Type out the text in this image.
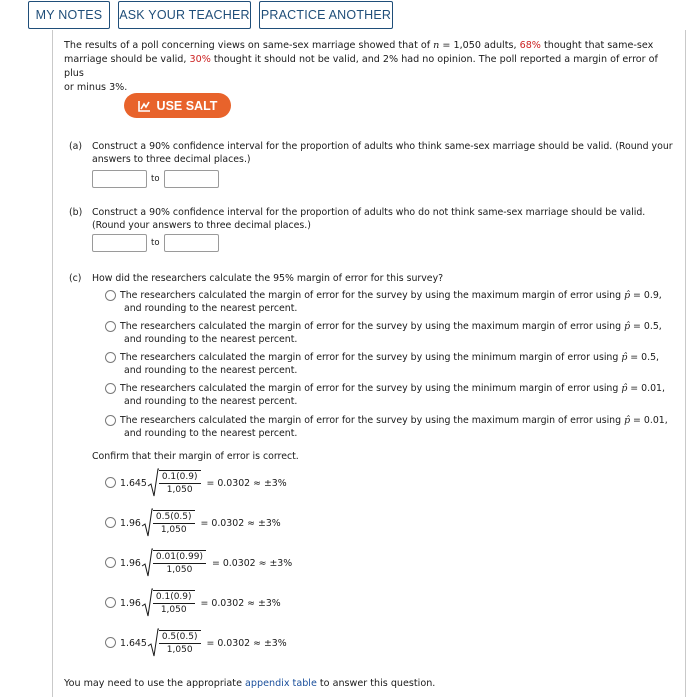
MY NOTES	ASK YOUR TEACHER PRACTICE ANOTHER
The results of a poll concerning views on same-sex marriage showed that of n = 1,050 adults, 68% thought that same-sex
marriage should be valid, 30% thought it should not be valid, and 2% had no opinion. The poll reported a margin of error of plus
or minus 3%.
USE SALT
(a) Construct a 90% confidence interval for the proportion of adults who think same-sex marriage should be valid. (Round your
answers to three decimal places.)
to
(b) Construct a 90% confidence interval for the proportion of adults who do not think same-sex marriage should be valid.
(Round your answers to three decimal places.)
to
(c) How did the researchers calculate the 95% margin of error for this survey?
The researchers calculated the margin of error for the survey by using the maximum margin of error using p̂ = 0.9,
and rounding to the nearest percent.
The researchers calculated the margin of error for the survey by using the maximum margin of error using p̂ = 0.5,
and rounding to the nearest percent.
The researchers calculated the margin of error for the survey by using the minimum margin of error using p̂ = 0.5,
and rounding to the nearest percent.
The researchers calculated the margin of error for the survey by using the minimum margin of error using p̂ = 0.01,
and rounding to the nearest percent.
The researchers calculated the margin of error for the survey by using the maximum margin of error using p̂ = 0.01,
and rounding to the nearest percent.
Confirm that their margin of error is correct.
$1.645 \frac{0.1(0.9)}{1,050} = 0.0302 \approx \pm 3\%$
$1.96 \frac{0.5(0.5)}{1,050} = 0.0302 \approx \pm 3\%$
$1.96 \frac{0.01(0.99)}{1,050} = 0.0302 \approx \pm 3\%$
$1.96 \frac{0.1(0.9)}{1,050} = 0.0302 \approx \pm 3\%$
$1.645 \frac{0.5(0.5)}{1,050} = 0.0302 \approx \pm 3\%$
You may need to use the appropriate appendix table to answer this question.
